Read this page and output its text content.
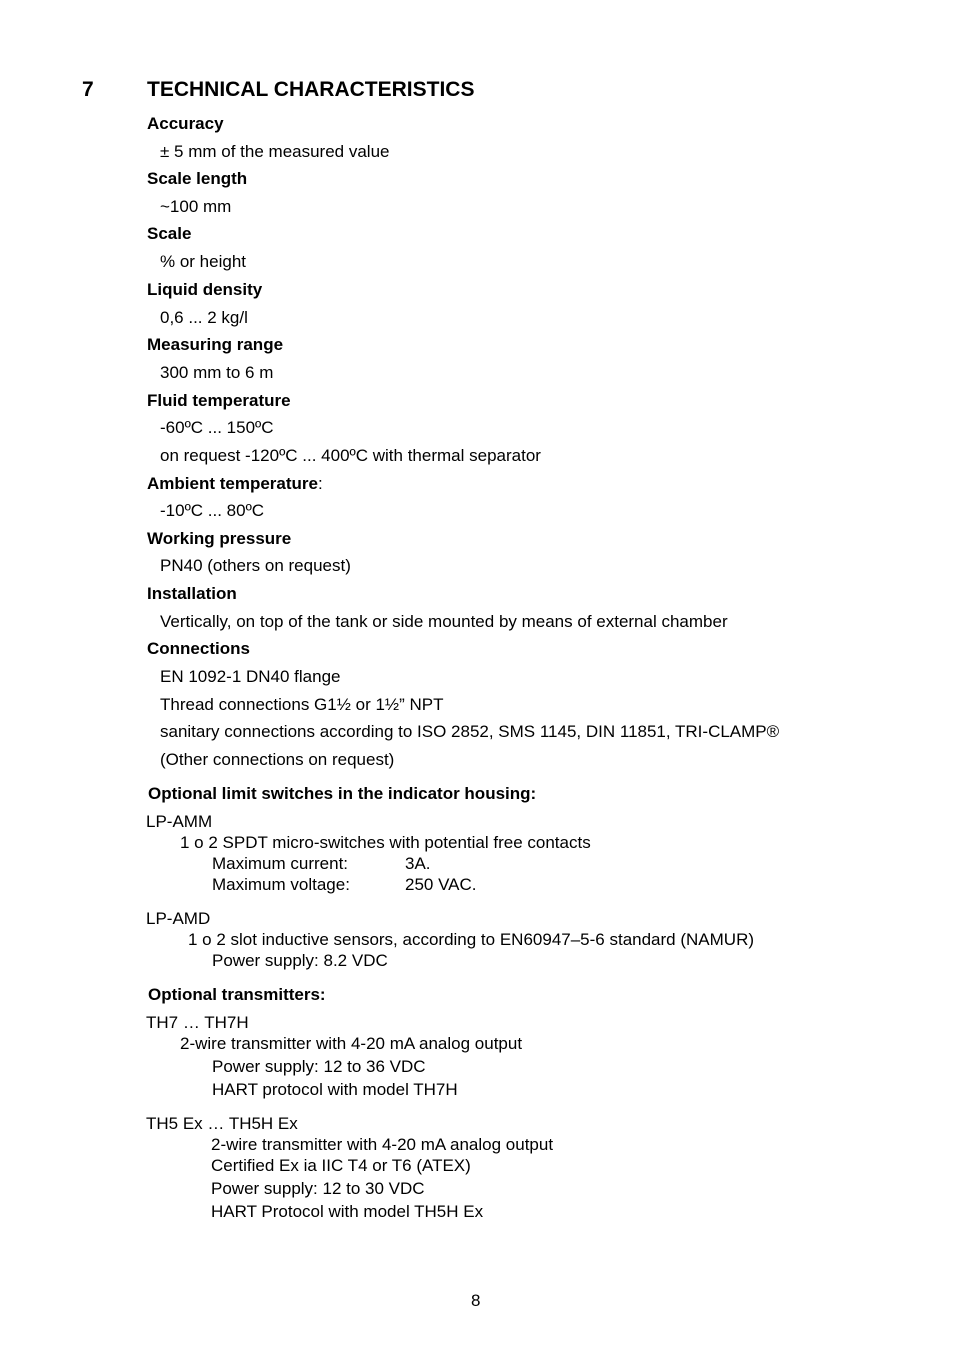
7	TECHNICAL CHARACTERISTICS
Accuracy
± 5 mm of the measured value
Scale length
~100 mm
Scale
% or height
Liquid density
0,6 ... 2 kg/l
Measuring range
300 mm to 6 m
Fluid temperature
-60ºC ... 150ºC
on request -120ºC ... 400ºC with thermal separator
Ambient temperature:
-10ºC ... 80ºC
Working pressure
PN40 (others on request)
Installation
Vertically, on top of the tank or side mounted by means of external chamber
Connections
EN 1092-1 DN40 flange
Thread connections G1½ or 1½” NPT
sanitary connections according to ISO 2852, SMS 1145, DIN 11851, TRI-CLAMP®
(Other connections on request)
Optional limit switches in the indicator housing:
LP-AMM
1 o 2 SPDT micro-switches with potential free contacts
Maximum current:	3A.
Maximum voltage:	250 VAC.
LP-AMD
1 o 2 slot inductive sensors, according to EN60947–5-6 standard (NAMUR)
Power supply: 8.2 VDC
Optional transmitters:
TH7 … TH7H
2-wire transmitter with 4-20 mA analog output
Power supply: 12 to 36 VDC
HART protocol with model TH7H
TH5 Ex … TH5H Ex
2-wire transmitter with 4-20 mA analog output
Certified Ex ia IIC T4 or T6 (ATEX)
Power supply: 12 to 30 VDC
HART Protocol with model TH5H Ex
8
